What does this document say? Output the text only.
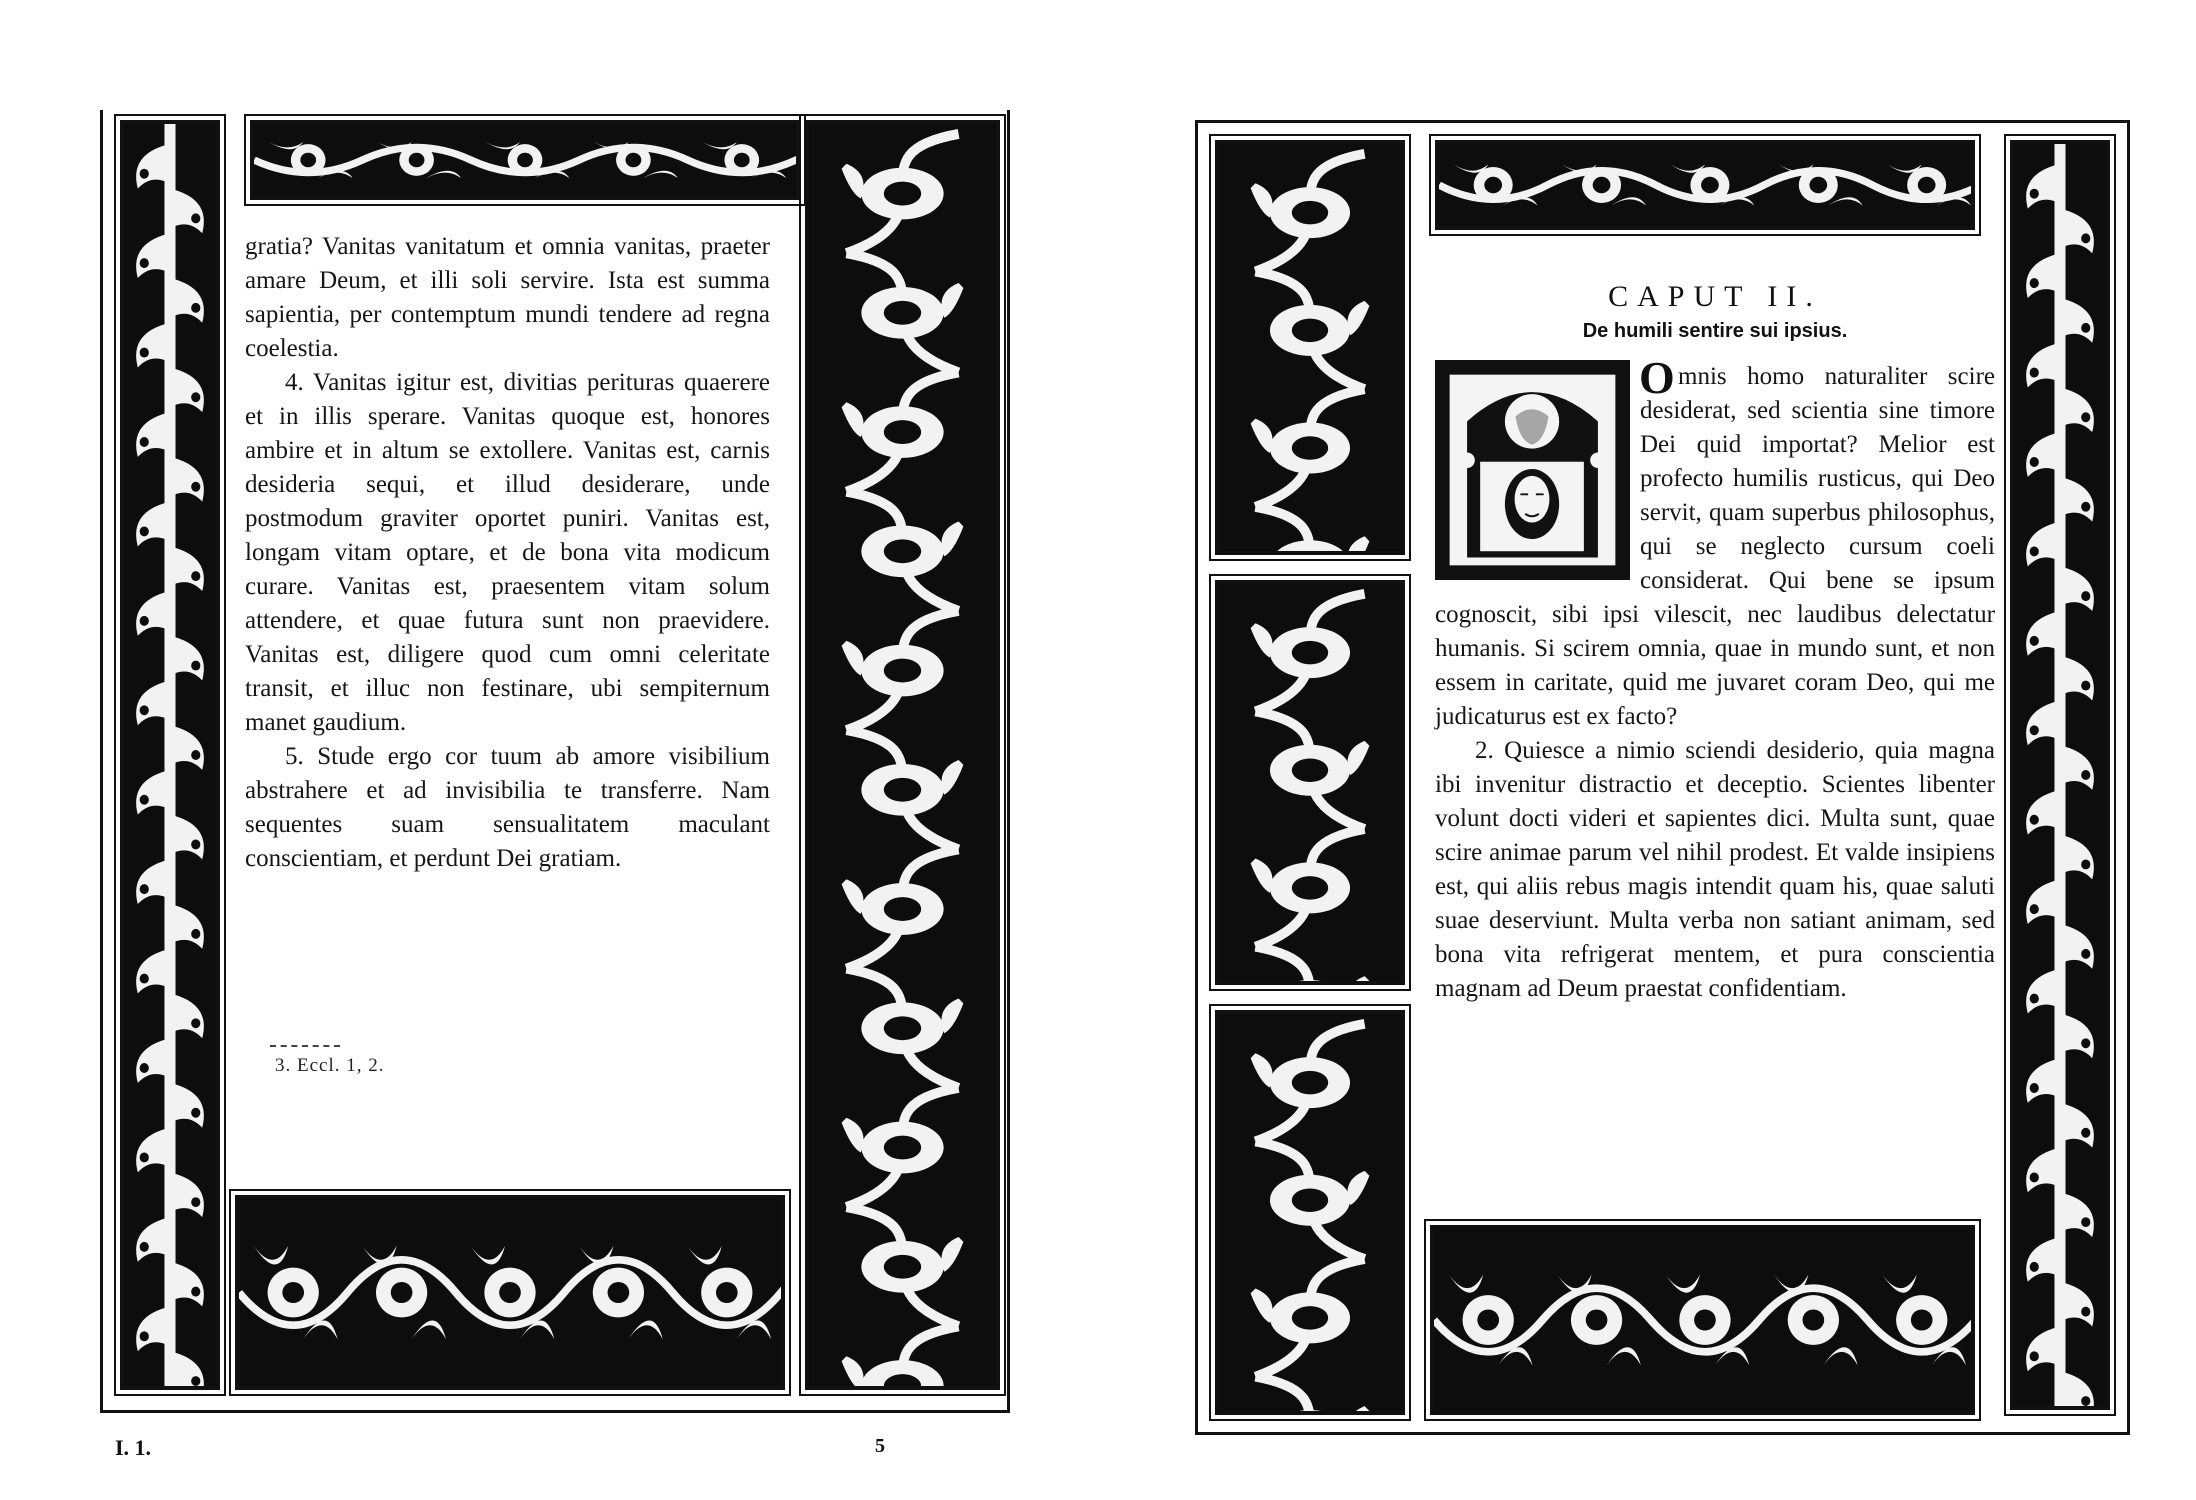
gratia? Vanitas vanitatum et omnia vanitas, praeter amare Deum, et illi soli servire. Ista est summa sapientia, per contemptum mundi tendere ad regna coelestia.

4. Vanitas igitur est, divitias perituras quaerere et in illis sperare. Vanitas quoque est, honores ambire et in altum se extollere. Vanitas est, carnis desideria sequi, et illud desiderare, unde postmodum graviter oportet puniri. Vanitas est, longam vitam optare, et de bona vita modicum curare. Vanitas est, praesentem vitam solum attendere, et quae futura sunt non praevidere. Vanitas est, diligere quod cum omni celeritate transit, et illuc non festinare, ubi sempiternum manet gaudium.

5. Stude ergo cor tuum ab amore visibilium abstrahere et ad invisibilia te transferre. Nam sequentes suam sensualitatem maculant conscientiam, et perdunt Dei gratiam.

3. Eccl. 1, 2.
I. 1.	5
CAPUT II.
De humili sentire sui ipsius.
O mnis homo naturaliter scire desiderat, sed scientia sine timore Dei quid importat? Melior est profecto humilis rusticus, qui Deo servit, quam superbus philosophus, qui se neglecto cursum coeli considerat. Qui bene se ipsum cognoscit, sibi ipsi vilescit, nec laudibus delectatur humanis. Si scirem omnia, quae in mundo sunt, et non essem in caritate, quid me juvaret coram Deo, qui me judicaturus est ex facto?

2. Quiesce a nimio sciendi desiderio, quia magna ibi invenitur distractio et deceptio. Scientes libenter volunt docti videri et sapientes dici. Multa sunt, quae scire animae parum vel nihil prodest. Et valde insipiens est, qui aliis rebus magis intendit quam his, quae saluti suae deserviunt. Multa verba non satiant animam, sed bona vita refrigerat mentem, et pura conscientia magnam ad Deum praestat confidentiam.
